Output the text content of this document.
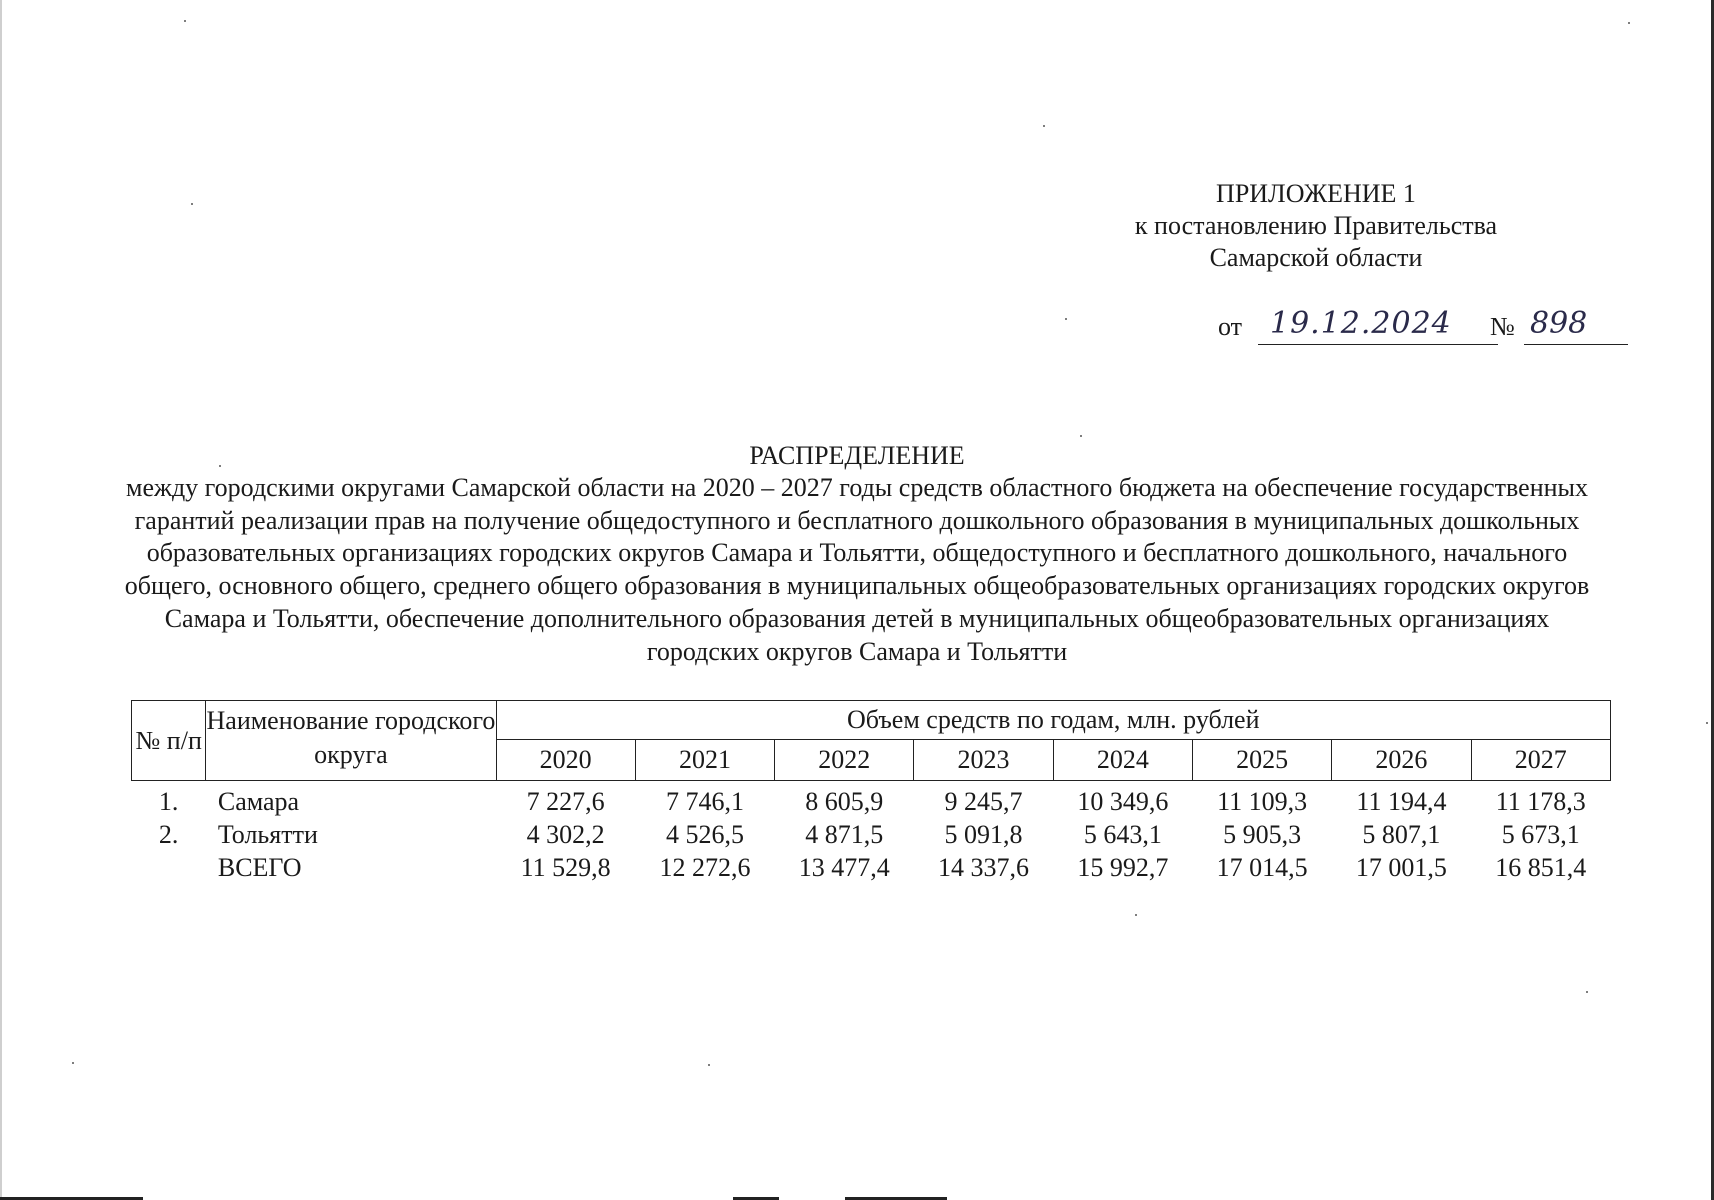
ПРИЛОЖЕНИЕ 1
к постановлению Правительства
Самарской области
от 19.12.2024	№ 898
РАСПРЕДЕЛЕНИЕ
между городскими округами Самарской области на 2020 – 2027 годы средств областного бюджета на обеспечение государственных гарантий реализации прав на получение общедоступного и бесплатного дошкольного образования в муниципальных дошкольных образовательных организациях городских округов Самара и Тольятти, общедоступного и бесплатного дошкольного, начального общего, основного общего, среднего общего образования в муниципальных общеобразовательных организациях городских округов Самара и Тольятти, обеспечение дополнительного образования детей в муниципальных общеобразовательных организациях городских округов Самара и Тольятти
№ п/п	Наименование городского округа	Объем средств по годам, млн. рублей							
		2020	2021	2022	2023	2024	2025	2026	2027
1.	Самара	7 227,6	7 746,1	8 605,9	9 245,7	10 349,6	11 109,3	11 194,4	11 178,3
2.	Тольятти	4 302,2	4 526,5	4 871,5	5 091,8	5 643,1	5 905,3	5 807,1	5 673,1
	ВСЕГО	11 529,8	12 272,6	13 477,4	14 337,6	15 992,7	17 014,5	17 001,5	16 851,4
